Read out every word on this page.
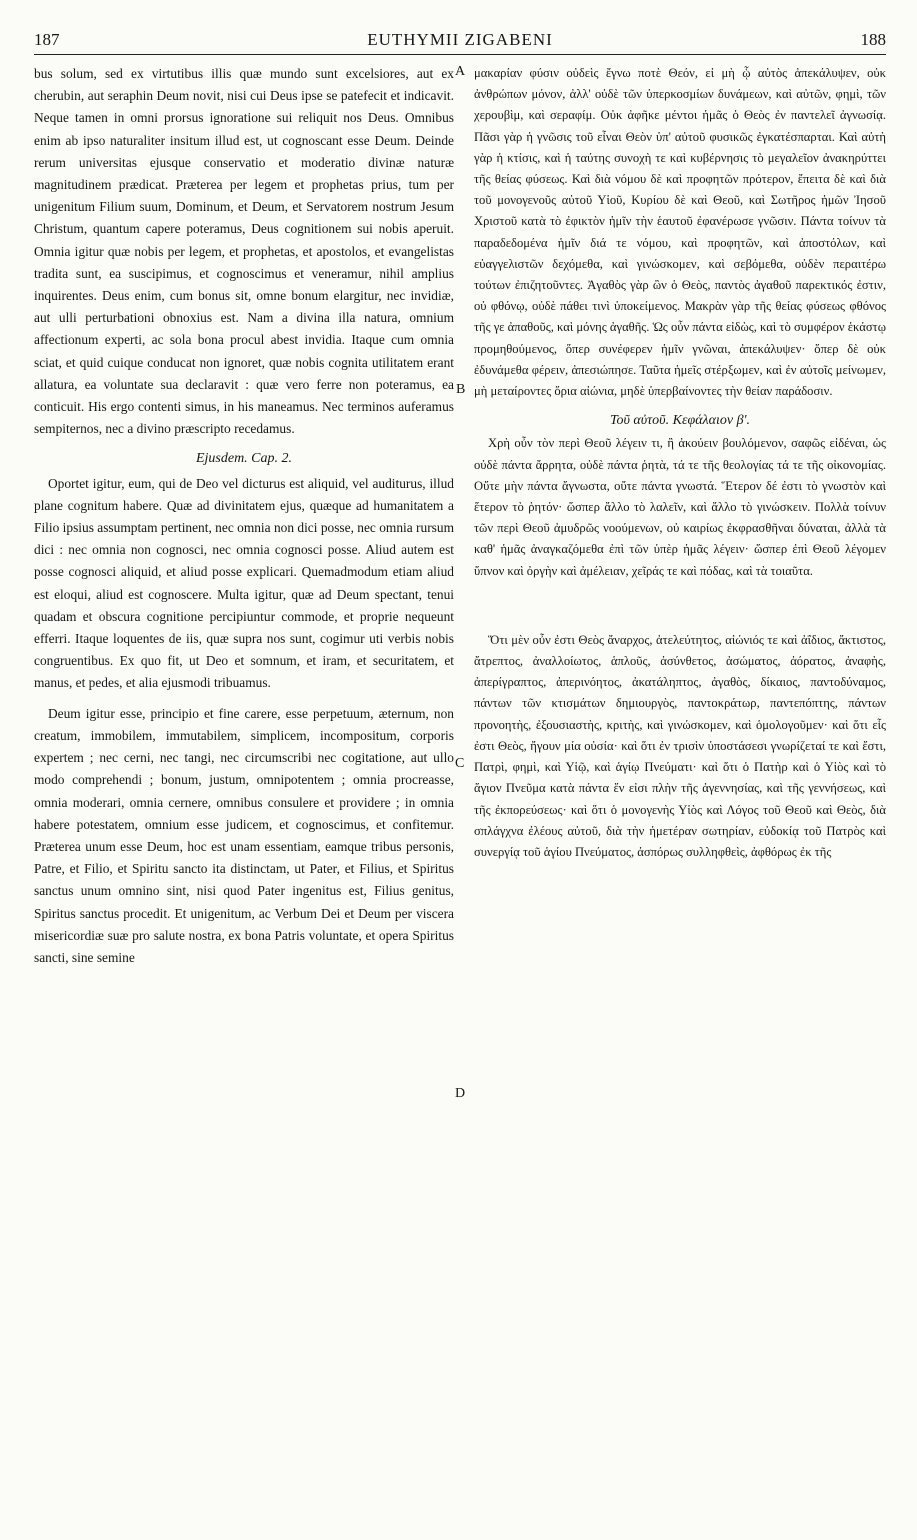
187	EUTHYMII ZIGABENI	188

bus solum, sed ex virtutibus illis quæ mundo sunt excelsiores, aut ex cherubin, aut seraphin Deum novit, nisi cui Deus ipse se patefecit et indicavit. Neque tamen in omni prorsus ignoratione sui reliquit nos Deus. Omnibus enim ab ipso naturaliter insitum illud est, ut cognoscant esse Deum. Deinde rerum universitas ejusque conservatio et moderatio divinæ naturæ magnitudinem prædicat. Præterea per legem et prophetas prius, tum per unigenitum Filium suum, Dominum, et Deum, et Servatorem nostrum Jesum Christum, quantum capere poteramus, Deus cognitionem sui nobis aperuit. Omnia igitur quæ nobis per legem, et prophetas, et apostolos, et evangelistas tradita sunt, ea suscipimus, et cognoscimus et veneramur, nihil amplius inquirentes. Deus enim, cum bonus sit, omne bonum elargitur, nec invidiæ, aut ulli perturbationi obnoxius est. Nam a divina illa natura, omnium affectionum experti, ac sola bona procul abest invidia. Itaque cum omnia sciat, et quid cuique conducat non ignoret, quæ nobis cognita utilitatem erant allatura, ea voluntate sua declaravit : quæ vero ferre non poteramus, ea conticuit. His ergo contenti simus, in his maneamus. Nec terminos auferamus sempiternos, nec a divino præscripto recedamus.

Ejusdem. Cap. 2.

Oportet igitur, eum, qui de Deo vel dicturus est aliquid, vel auditurus, illud plane cognitum habere. Quæ ad divinitatem ejus, quæque ad humanitatem a Filio ipsius assumptam pertinent, nec omnia non dici posse, nec omnia rursum dici : nec omnia non cognosci, nec omnia cognosci posse. Aliud autem est posse cognosci aliquid, et aliud posse explicari. Quemadmodum etiam aliud est eloqui, aliud est cognoscere. Multa igitur, quæ ad Deum spectant, tenui quadam et obscura cognitione percipiuntur commode, et proprie nequeunt efferri. Itaque loquentes de iis, quæ supra nos sunt, cogimur uti verbis nobis congruentibus. Ex quo fit, ut Deo et somnum, et iram, et securitatem, et manus, et pedes, et alia ejusmodi tribuamus.

Deum igitur esse, principio et fine carere, esse perpetuum, æternum, non creatum, immobilem, immutabilem, simplicem, incompositum, corporis expertem ; nec cerni, nec tangi, nec circumscribi nec cogitatione, aut ullo modo comprehendi ; bonum, justum, omnipotentem ; omnia procreasse, omnia moderari, omnia cernere, omnibus consulere et providere ; in omnia habere potestatem, omnium esse judicem, et cognoscimus, et confitemur. Præterea unum esse Deum, hoc est unam essentiam, eamque tribus personis, Patre, et Filio, et Spiritu sancto ita distinctam, ut Pater, et Filius, et Spiritus sanctus unum omnino sint, nisi quod Pater ingenitus est, Filius genitus, Spiritus sanctus procedit. Et unigenitum, ac Verbum Dei et Deum per viscera misericordiæ suæ pro salute nostra, ex bona Patris voluntate, et opera Spiritus sancti, sine semine

A
B
C
D

μακαρίαν φύσιν οὐδεὶς ἔγνω ποτὲ Θεόν, εἰ μὴ ᾧ αὐτὸς ἀπεκάλυψεν, οὐκ ἀνθρώπων μόνον, ἀλλ' οὐδὲ τῶν ὑπερκοσμίων δυνάμεων, καὶ αὐτῶν, φημὶ, τῶν χερουβὶμ, καὶ σεραφίμ. Οὐκ ἀφῆκε μέντοι ἡμᾶς ὁ Θεὸς ἐν παντελεῖ ἀγνωσίᾳ. Πᾶσι γὰρ ἡ γνῶσις τοῦ εἶναι Θεὸν ὑπ' αὐτοῦ φυσικῶς ἐγκατέσπαρται. Καὶ αὐτὴ γὰρ ἡ κτίσις, καὶ ἡ ταύτης συνοχὴ τε καὶ κυβέρνησις τὸ μεγαλεῖον ἀνακηρύττει τῆς θείας φύσεως. Καὶ διὰ νόμου δὲ καὶ προφητῶν πρότερον, ἔπειτα δὲ καὶ διὰ τοῦ μονογενοῦς αὐτοῦ Υἱοῦ, Κυρίου δὲ καὶ Θεοῦ, καὶ Σωτῆρος ἡμῶν Ἰησοῦ Χριστοῦ κατὰ τὸ ἐφικτὸν ἡμῖν τὴν ἑαυτοῦ ἐφανέρωσε γνῶσιν. Πάντα τοίνυν τὰ παραδεδομένα ἡμῖν διά τε νόμου, καὶ προφητῶν, καὶ ἀποστόλων, καὶ εὐαγγελιστῶν δεχόμεθα, καὶ γινώσκομεν, καὶ σεβόμεθα, οὐδὲν περαιτέρω τούτων ἐπιζητοῦντες. Ἀγαθὸς γὰρ ὢν ὁ Θεὸς, παντὸς ἀγαθοῦ παρεκτικός ἐστιν, οὐ φθόνῳ, οὐδὲ πάθει τινὶ ὑποκείμενος. Μακρὰν γὰρ τῆς θείας φύσεως φθόνος τῆς γε ἀπαθοῦς, καὶ μόνης ἀγαθῆς. Ὡς οὖν πάντα εἰδὼς, καὶ τὸ συμφέρον ἑκάστῳ προμηθούμενος, ὅπερ συνέφερεν ἡμῖν γνῶναι, ἀπεκάλυψεν· ὅπερ δὲ οὐκ ἐδυνάμεθα φέρειν, ἀπεσιώπησε. Ταῦτα ἡμεῖς στέρξωμεν, καὶ ἐν αὐτοῖς μείνωμεν, μὴ μεταίροντες ὅρια αἰώνια, μηδὲ ὑπερβαίνοντες τὴν θείαν παράδοσιν.

Τοῦ αὐτοῦ. Κεφάλαιον β'.

Χρὴ οὖν τὸν περὶ Θεοῦ λέγειν τι, ἢ ἀκούειν βουλόμενον, σαφῶς εἰδέναι, ὡς οὐδὲ πάντα ἄρρητα, οὐδὲ πάντα ῥητὰ, τά τε τῆς θεολογίας τά τε τῆς οἰκονομίας. Οὔτε μὴν πάντα ἄγνωστα, οὔτε πάντα γνωστά. Ἕτερον δέ ἐστι τὸ γνωστὸν καὶ ἕτερον τὸ ῥητόν· ὥσπερ ἄλλο τὸ λαλεῖν, καὶ ἄλλο τὸ γινώσκειν. Πολλὰ τοίνυν τῶν περὶ Θεοῦ ἀμυδρῶς νοούμενων, οὐ καιρίως ἐκφρασθῆναι δύναται, ἀλλὰ τὰ καθ' ἡμᾶς ἀναγκαζόμεθα ἐπὶ τῶν ὑπὲρ ἡμᾶς λέγειν· ὥσπερ ἐπὶ Θεοῦ λέγομεν ὕπνον καὶ ὀργὴν καὶ ἀμέλειαν, χεῖράς τε καὶ πόδας, καὶ τὰ τοιαῦτα.

Ὅτι μὲν οὖν ἐστι Θεὸς ἄναρχος, ἀτελεύτητος, αἰώνιός τε καὶ ἀΐδιος, ἄκτιστος, ἄτρεπτος, ἀναλλοίωτος, ἁπλοῦς, ἀσύνθετος, ἀσώματος, ἀόρατος, ἀναφὴς, ἀπερίγραπτος, ἀπερινόητος, ἀκατάληπτος, ἀγαθὸς, δίκαιος, παντοδύναμος, πάντων τῶν κτισμάτων δημιουργὸς, παντοκράτωρ, παντεπόπτης, πάντων προνοητὴς, ἐξουσιαστὴς, κριτὴς, καὶ γινώσκομεν, καὶ ὁμολογοῦμεν· καὶ ὅτι εἷς ἐστι Θεὸς, ἤγουν μία οὐσία· καὶ ὅτι ἐν τρισὶν ὑποστάσεσι γνωρίζεταί τε καὶ ἔστι, Πατρὶ, φημὶ, καὶ Υἱῷ, καὶ ἁγίῳ Πνεύματι· καὶ ὅτι ὁ Πατὴρ καὶ ὁ Υἱὸς καὶ τὸ ἅγιον Πνεῦμα κατὰ πάντα ἕν εἰσι πλὴν τῆς ἀγεννησίας, καὶ τῆς γεννήσεως, καὶ τῆς ἐκπορεύσεως· καὶ ὅτι ὁ μονογενὴς Υἱὸς καὶ Λόγος τοῦ Θεοῦ καὶ Θεὸς, διὰ σπλάγχνα ἐλέους αὐτοῦ, διὰ τὴν ἡμετέραν σωτηρίαν, εὐδοκίᾳ τοῦ Πατρὸς καὶ συνεργίᾳ τοῦ ἁγίου Πνεύματος, ἀσπόρως συλληφθεὶς, ἀφθόρως ἐκ τῆς
